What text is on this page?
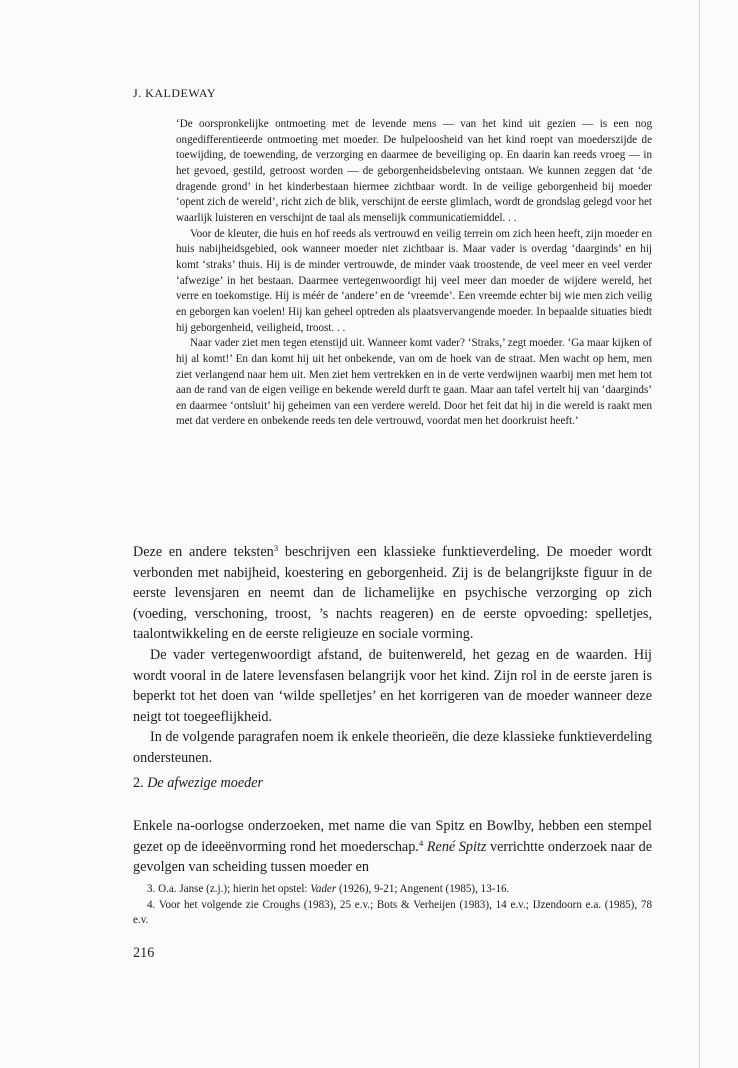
J. KALDEWAY

‘De oorspronkelijke ontmoeting met de levende mens — van het kind uit gezien — is een nog ongedifferentieerde ontmoeting met moeder. De hulpeloosheid van het kind roept van moederszijde de toewijding, de toewending, de verzorging en daarmee de beveiliging op. En daarin kan reeds vroeg — in het gevoed, gestild, getroost worden — de geborgenheidsbeleving ontstaan. We kunnen zeggen dat ‘de dragende grond’ in het kinderbestaan hiermee zichtbaar wordt. In de veilige geborgenheid bij moeder ‘opent zich de wereld’, richt zich de blik, verschijnt de eerste glimlach, wordt de grondslag gelegd voor het waarlijk luisteren en verschijnt de taal als menselijk communicatiemiddel. . .

Voor de kleuter, die huis en hof reeds als vertrouwd en veilig terrein om zich heen heeft, zijn moeder en huis nabijheidsgebied, ook wanneer moeder niet zichtbaar is. Maar vader is overdag ‘daarginds’ en hij komt ‘straks’ thuis. Hij is de minder vertrouwde, de minder vaak troostende, de veel meer en veel verder ‘afwezige’ in het bestaan. Daarmee vertegenwoordigt hij veel meer dan moeder de wijdere wereld, het verre en toekomstige. Hij is méér de ‘andere’ en de ‘vreemde’. Een vreemde echter bij wie men zich veilig en geborgen kan voelen! Hij kan geheel optreden als plaatsvervangende moeder. In bepaalde situaties biedt hij geborgenheid, veiligheid, troost. . .

Naar vader ziet men tegen etenstijd uit. Wanneer komt vader? ‘Straks,’ zegt moeder. ‘Ga maar kijken of hij al komt!’ En dan komt hij uit het onbekende, van om de hoek van de straat. Men wacht op hem, men ziet verlangend naar hem uit. Men ziet hem vertrekken en in de verte verdwijnen waarbij men met hem tot aan de rand van de eigen veilige en bekende wereld durft te gaan. Maar aan tafel vertelt hij van ‘daarginds’ en daarmee ‘ontsluit’ hij geheimen van een verdere wereld. Door het feit dat hij in die wereld is raakt men met dat verdere en onbekende reeds ten dele vertrouwd, voordat men het doorkruist heeft.’

Deze en andere teksten$^3$ beschrijven een klassieke funktieverdeling. De moeder wordt verbonden met nabijheid, koestering en geborgenheid. Zij is de belangrijkste figuur in de eerste levensjaren en neemt dan de lichamelijke en psychische verzorging op zich (voeding, verschoning, troost, ’s nachts reageren) en de eerste opvoeding: spelletjes, taalontwikkeling en de eerste religieuze en sociale vorming.

De vader vertegenwoordigt afstand, de buitenwereld, het gezag en de waarden. Hij wordt vooral in de latere levensfasen belangrijk voor het kind. Zijn rol in de eerste jaren is beperkt tot het doen van ‘wilde spelletjes’ en het korrigeren van de moeder wanneer deze neigt tot toegeeflijkheid.

In de volgende paragrafen noem ik enkele theorieën, die deze klassieke funktieverdeling ondersteunen.

2. De afwezige moeder

Enkele na-oorlogse onderzoeken, met name die van Spitz en Bowlby, hebben een stempel gezet op de ideeënvorming rond het moederschap.$^4$ René Spitz verrichtte onderzoek naar de gevolgen van scheiding tussen moeder en

3. O.a. Janse (z.j.); hierin het opstel: Vader (1926), 9-21; Angenent (1985), 13-16.

4. Voor het volgende zie Croughs (1983), 25 e.v.; Bots & Verheijen (1983), 14 e.v.; IJzendoorn e.a. (1985), 78 e.v.

216
